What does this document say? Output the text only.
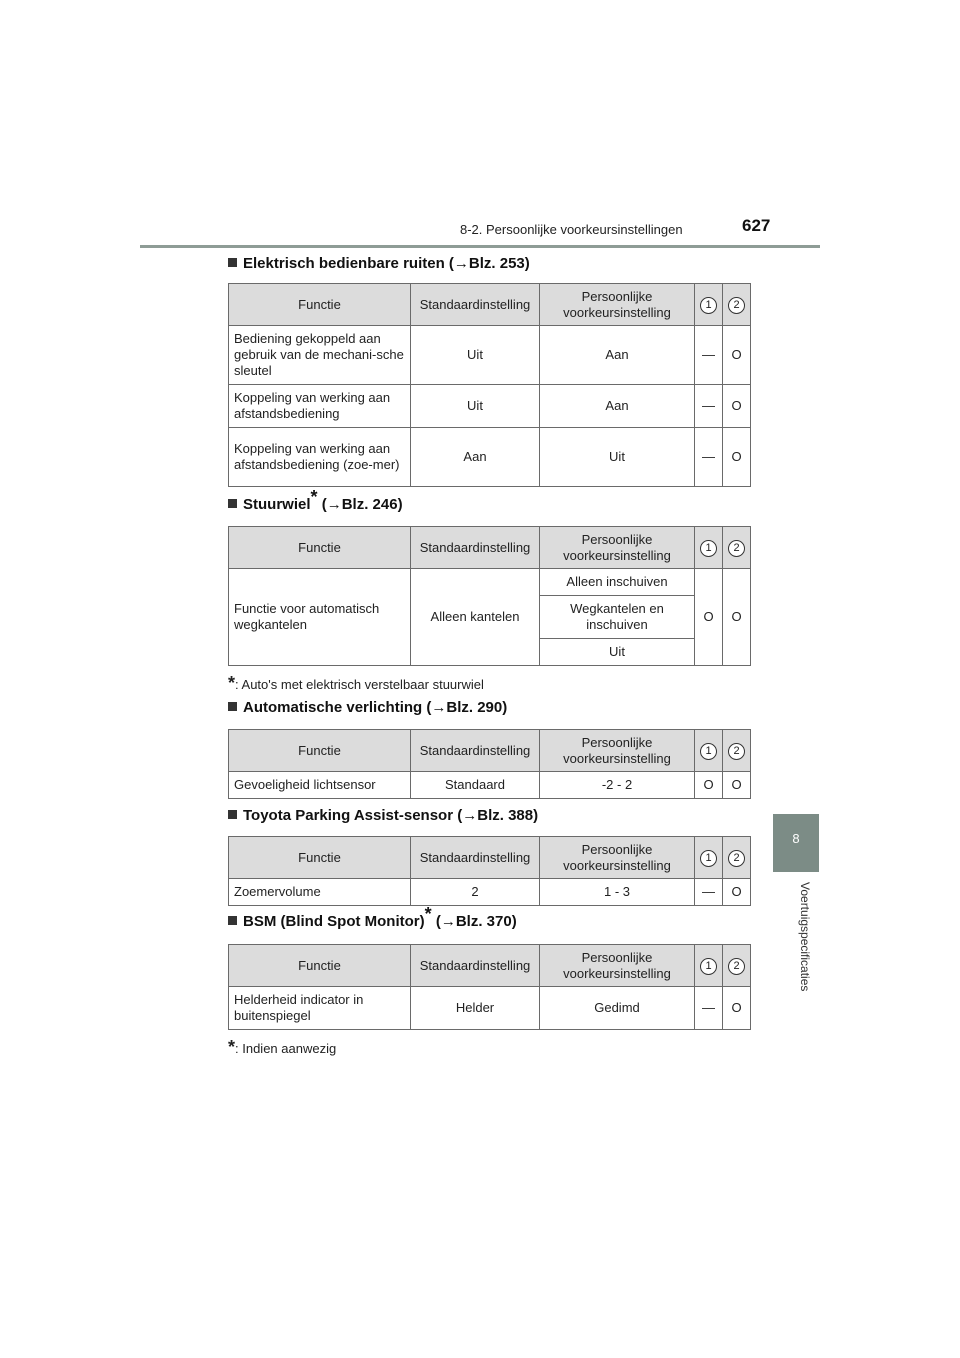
8-2. Persoonlijke voorkeursinstellingen	627
8
Voertuigspecificaties
Elektrisch bedienbare ruiten (→Blz. 253)
Functie	Standaardinstelling	Persoonlijke voorkeursinstelling	1	2
Bediening gekoppeld aan gebruik van de mechani-sche sleutel	Uit	Aan	—	O
Koppeling van werking aan afstandsbediening	Uit	Aan	—	O
Koppeling van werking aan afstandsbediening (zoe-mer)	Aan	Uit	—	O
Stuurwiel* (→Blz. 246)
Functie	Standaardinstelling	Persoonlijke voorkeursinstelling	1	2
Functie voor automatisch wegkantelen	Alleen kantelen	Alleen inschuiven	O	O
		Wegkantelen en inschuiven		
		Uit		
*: Auto's met elektrisch verstelbaar stuurwiel
Automatische verlichting (→Blz. 290)
Functie	Standaardinstelling	Persoonlijke voorkeursinstelling	1	2
Gevoeligheid lichtsensor	Standaard	-2 - 2	O	O
Toyota Parking Assist-sensor (→Blz. 388)
Functie	Standaardinstelling	Persoonlijke voorkeursinstelling	1	2
Zoemervolume	2	1 - 3	—	O
BSM (Blind Spot Monitor)* (→Blz. 370)
Functie	Standaardinstelling	Persoonlijke voorkeursinstelling	1	2
Helderheid indicator in buitenspiegel	Helder	Gedimd	—	O
*: Indien aanwezig
